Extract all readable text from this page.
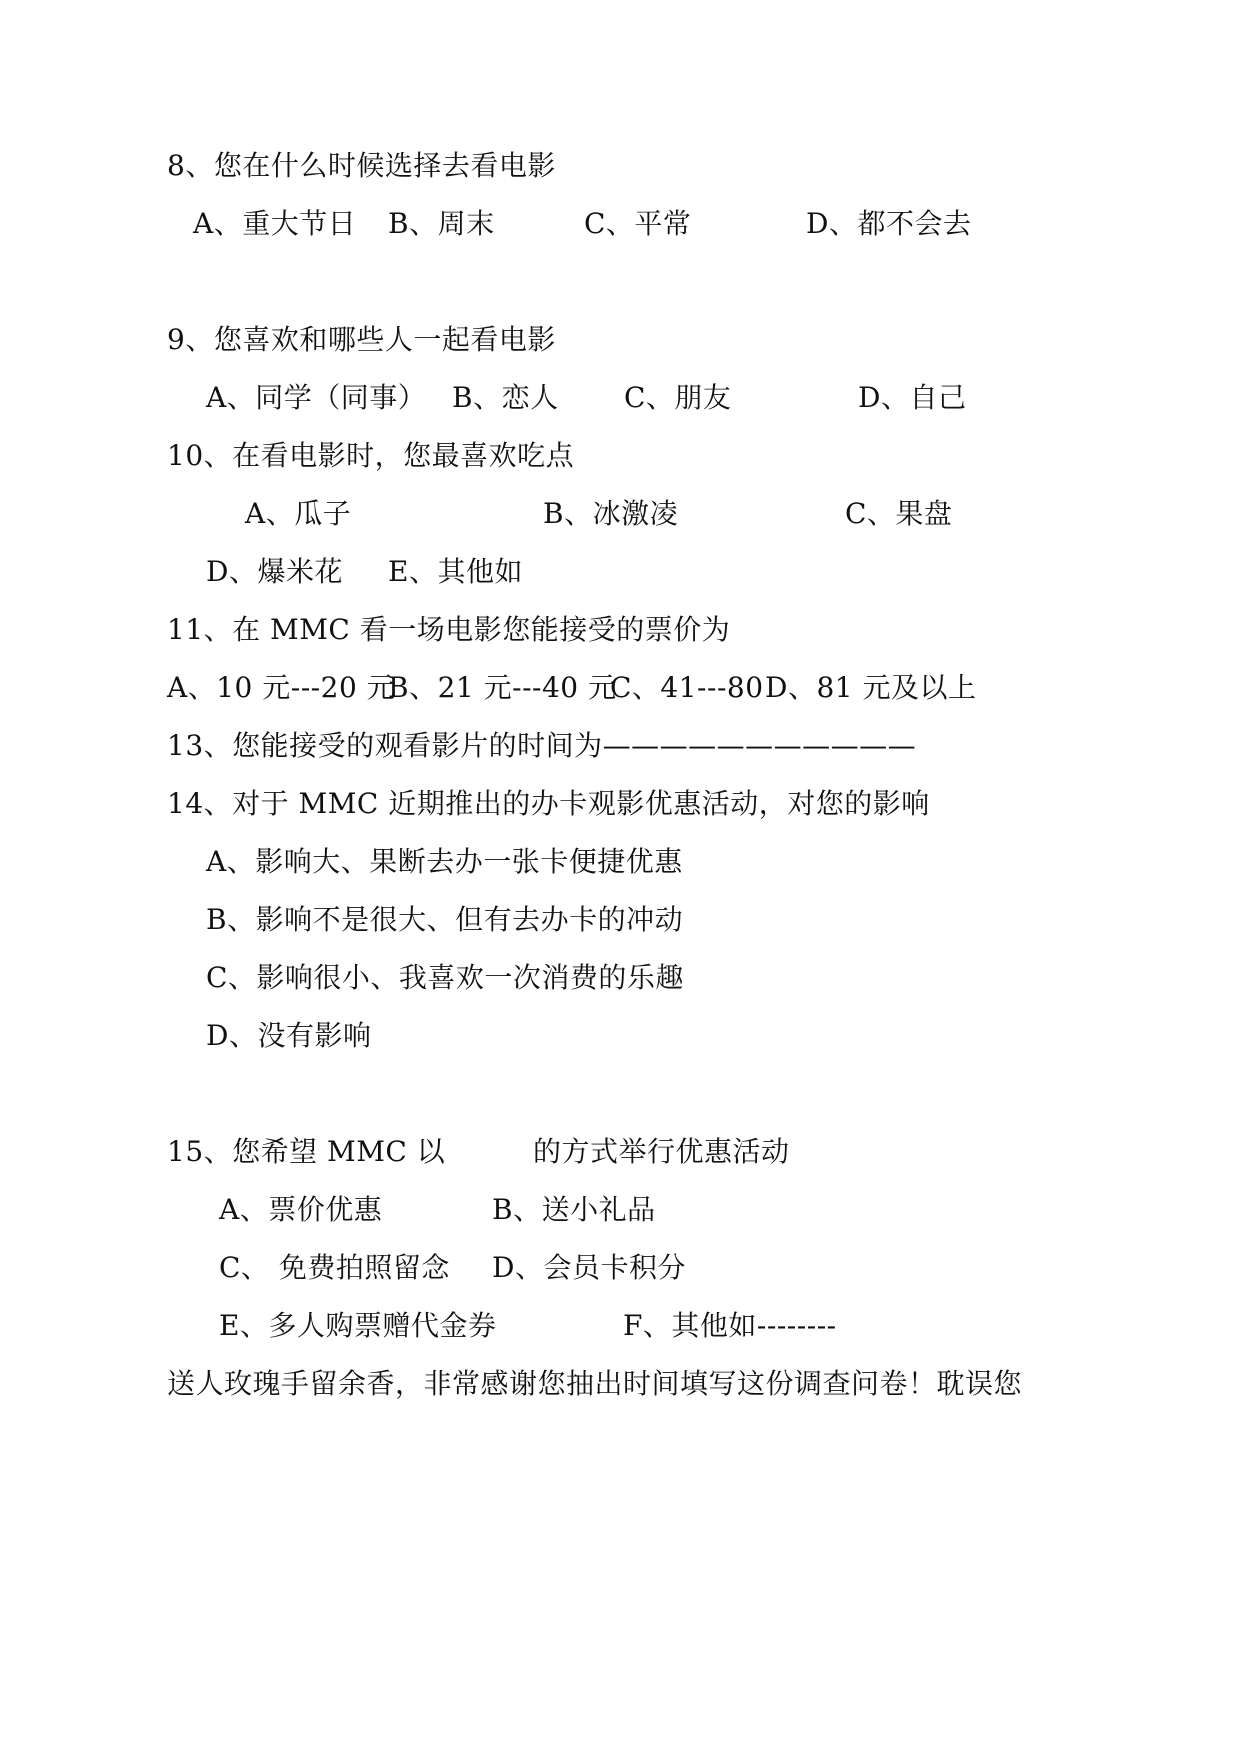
8、您在什么时候选择去看电影
A、重大节日 B、周末	C、平常	D、都不会去
9、您喜欢和哪些人一起看电影
A、同学（同事） B、恋人 C、朋友	D、自己
10、在看电影时，您最喜欢吃点
A、瓜子	B、冰激凌	C、果盘
D、爆米花 E、其他如
11、在 MMC 看一场电影您能接受的票价为
A、10 元---20 元
B、21 元---40 元
C、41---80 D、81 元及以上
13、您能接受的观看影片的时间为———————————
14、对于 MMC 近期推出的办卡观影优惠活动，对您的影响
A、影响大、果断去办一张卡便捷优惠
B、影响不是很大、但有去办卡的冲动
C、影响很小、我喜欢一次消费的乐趣
D、没有影响
15、您希望 MMC 以	的方式举行优惠活动
A、票价优惠	B、送小礼品
C、 免费拍照留念 D、会员卡积分
E、多人购票赠代金券	F、其他如--------
送人玫瑰手留余香，非常感谢您抽出时间填写这份调查问卷！耽误您
